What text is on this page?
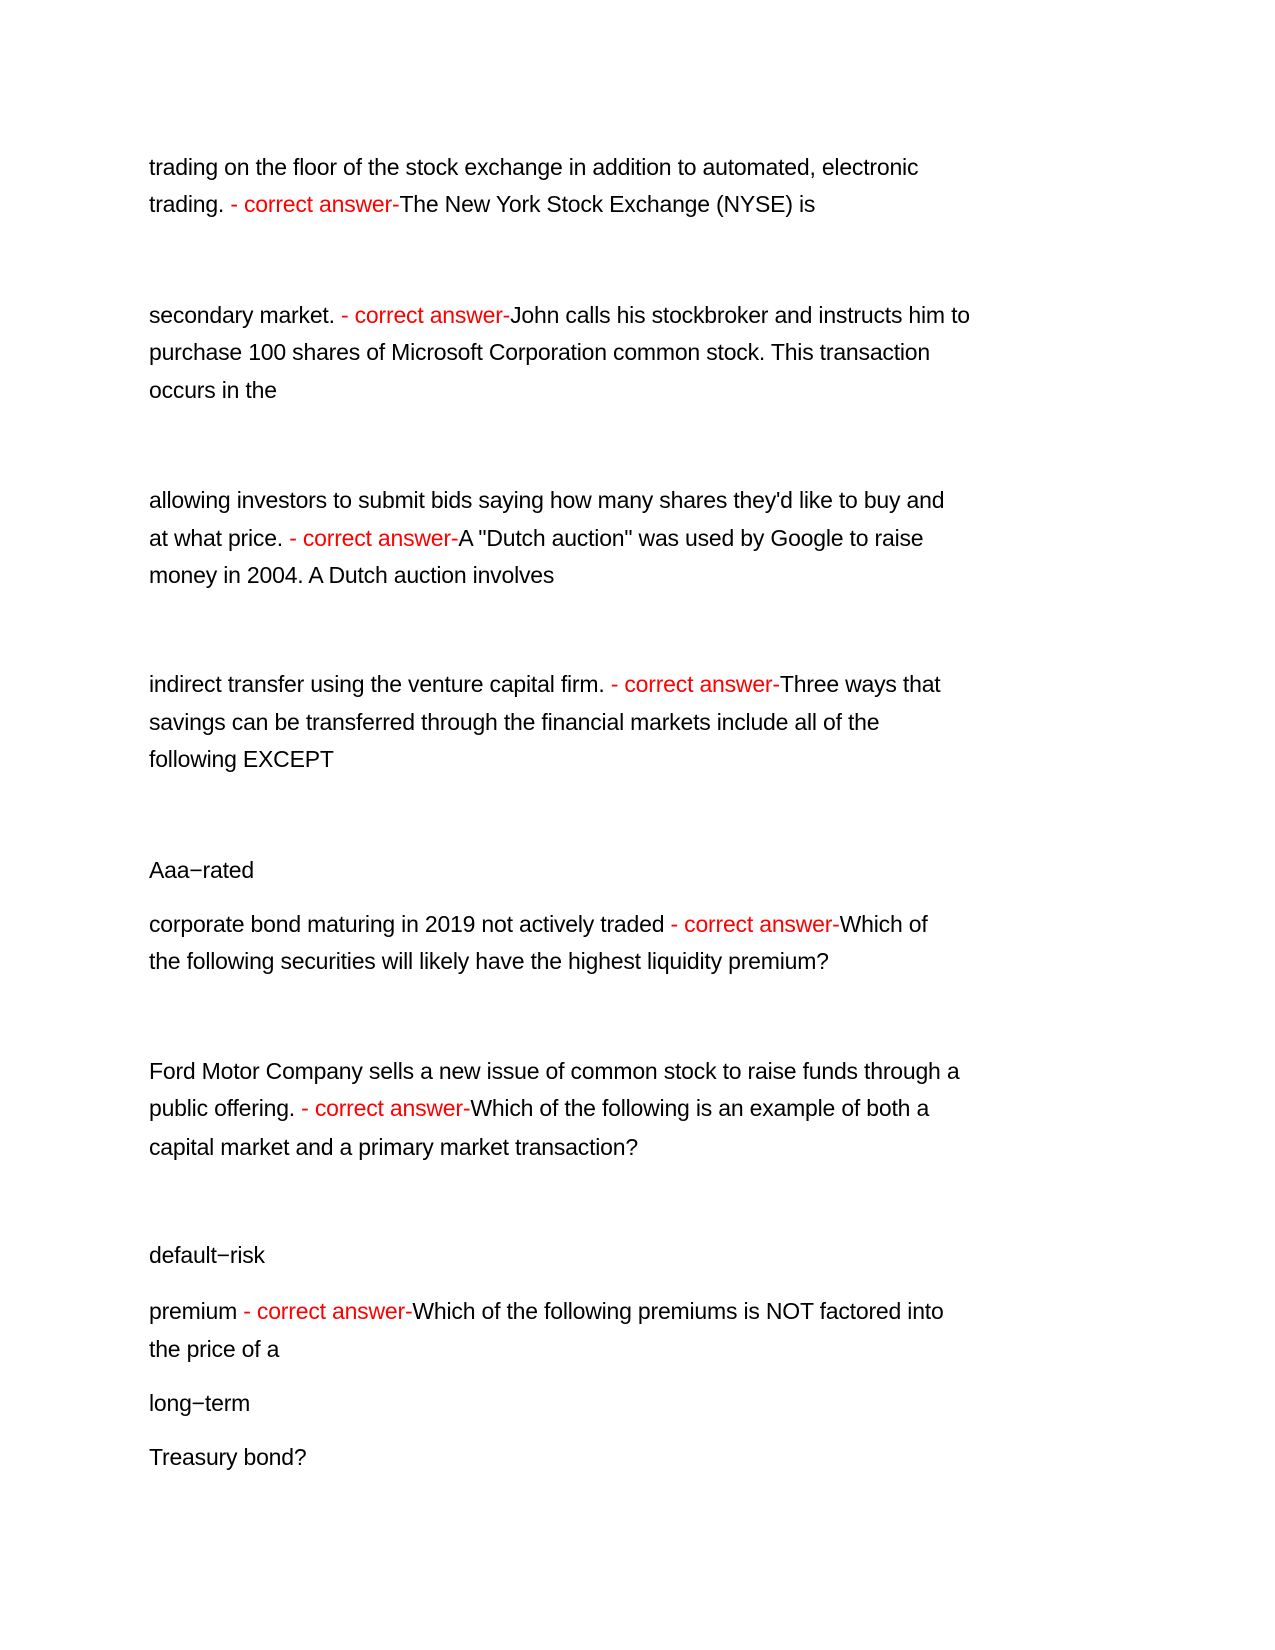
trading on the floor of the stock exchange in addition to automated, electronic
trading. - correct answer-The New York Stock Exchange (NYSE) is
secondary market. - correct answer-John calls his stockbroker and instructs him to
purchase 100 shares of Microsoft Corporation common stock. This transaction
occurs in the
allowing investors to submit bids saying how many shares they'd like to buy and
at what price. - correct answer-A "Dutch auction" was used by Google to raise
money in 2004. A Dutch auction involves
indirect transfer using the venture capital firm. - correct answer-Three ways that
savings can be transferred through the financial markets include all of the
following EXCEPT
Aaa−rated
corporate bond maturing in 2019 not actively traded - correct answer-Which of
the following securities will likely have the highest liquidity premium?
Ford Motor Company sells a new issue of common stock to raise funds through a
public offering. - correct answer-Which of the following is an example of both a
capital market and a primary market transaction?
default−risk
premium - correct answer-Which of the following premiums is NOT factored into
the price of a
long−term
Treasury bond?
